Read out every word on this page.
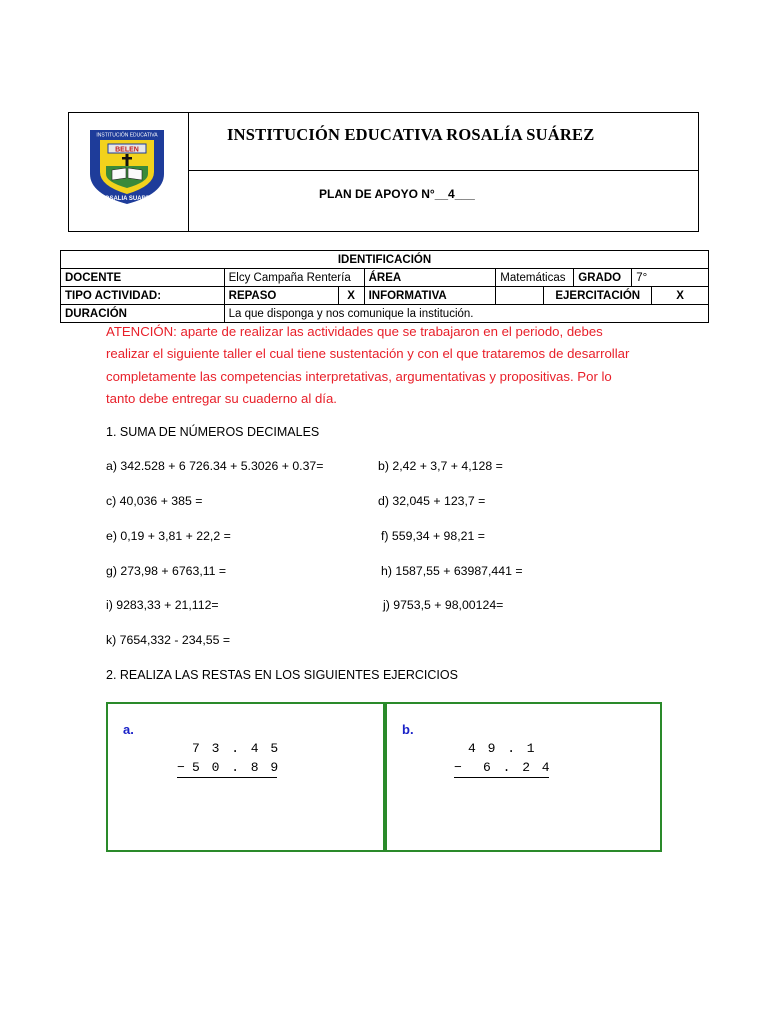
BELEN
INSTITUCIÓN EDUCATIVA
ROSALIA SUAREZ
INSTITUCIÓN EDUCATIVA ROSALÍA SUÁREZ
PLAN DE APOYO N°__4___
IDENTIFICACIÓN								
DOCENTE	Elcy Campaña Rentería		ÁREA	Matemáticas		GRADO	7°	
TIPO ACTIVIDAD:	REPASO	X	INFORMATIVA		EJERCITACIÓN			X
DURACIÓN	La que disponga y nos comunique la institución.							
ATENCIÓN: aparte de realizar las actividades que se trabajaron en el periodo, debes
realizar el siguiente taller el cual tiene sustentación y con el que trataremos de desarrollar
completamente las competencias interpretativas, argumentativas y propositivas. Por lo
tanto debe entregar su cuaderno al día.
1. SUMA DE NÚMEROS DECIMALES
a) 342.528 + 6 726.34 + 5.3026 + 0.37=	b) 2,42 + 3,7 + 4,128 =
c) 40,036 + 385 =	d) 32,045 + 123,7 =
e) 0,19 + 3,81 + 22,2 =	f) 559,34 + 98,21 =
g) 273,98 + 6763,11 =	h) 1587,55 + 63987,441 =
i) 9283,33 + 21,112=	j) 9753,5 + 98,00124=
k) 7654,332 - 234,55 =
2. REALIZA LAS RESTAS EN LOS SIGUIENTES EJERCICIOS
a.
7 3 . 4 5
− 5 0 . 8 9
b.
4 9 . 1
− 6 . 2 4
